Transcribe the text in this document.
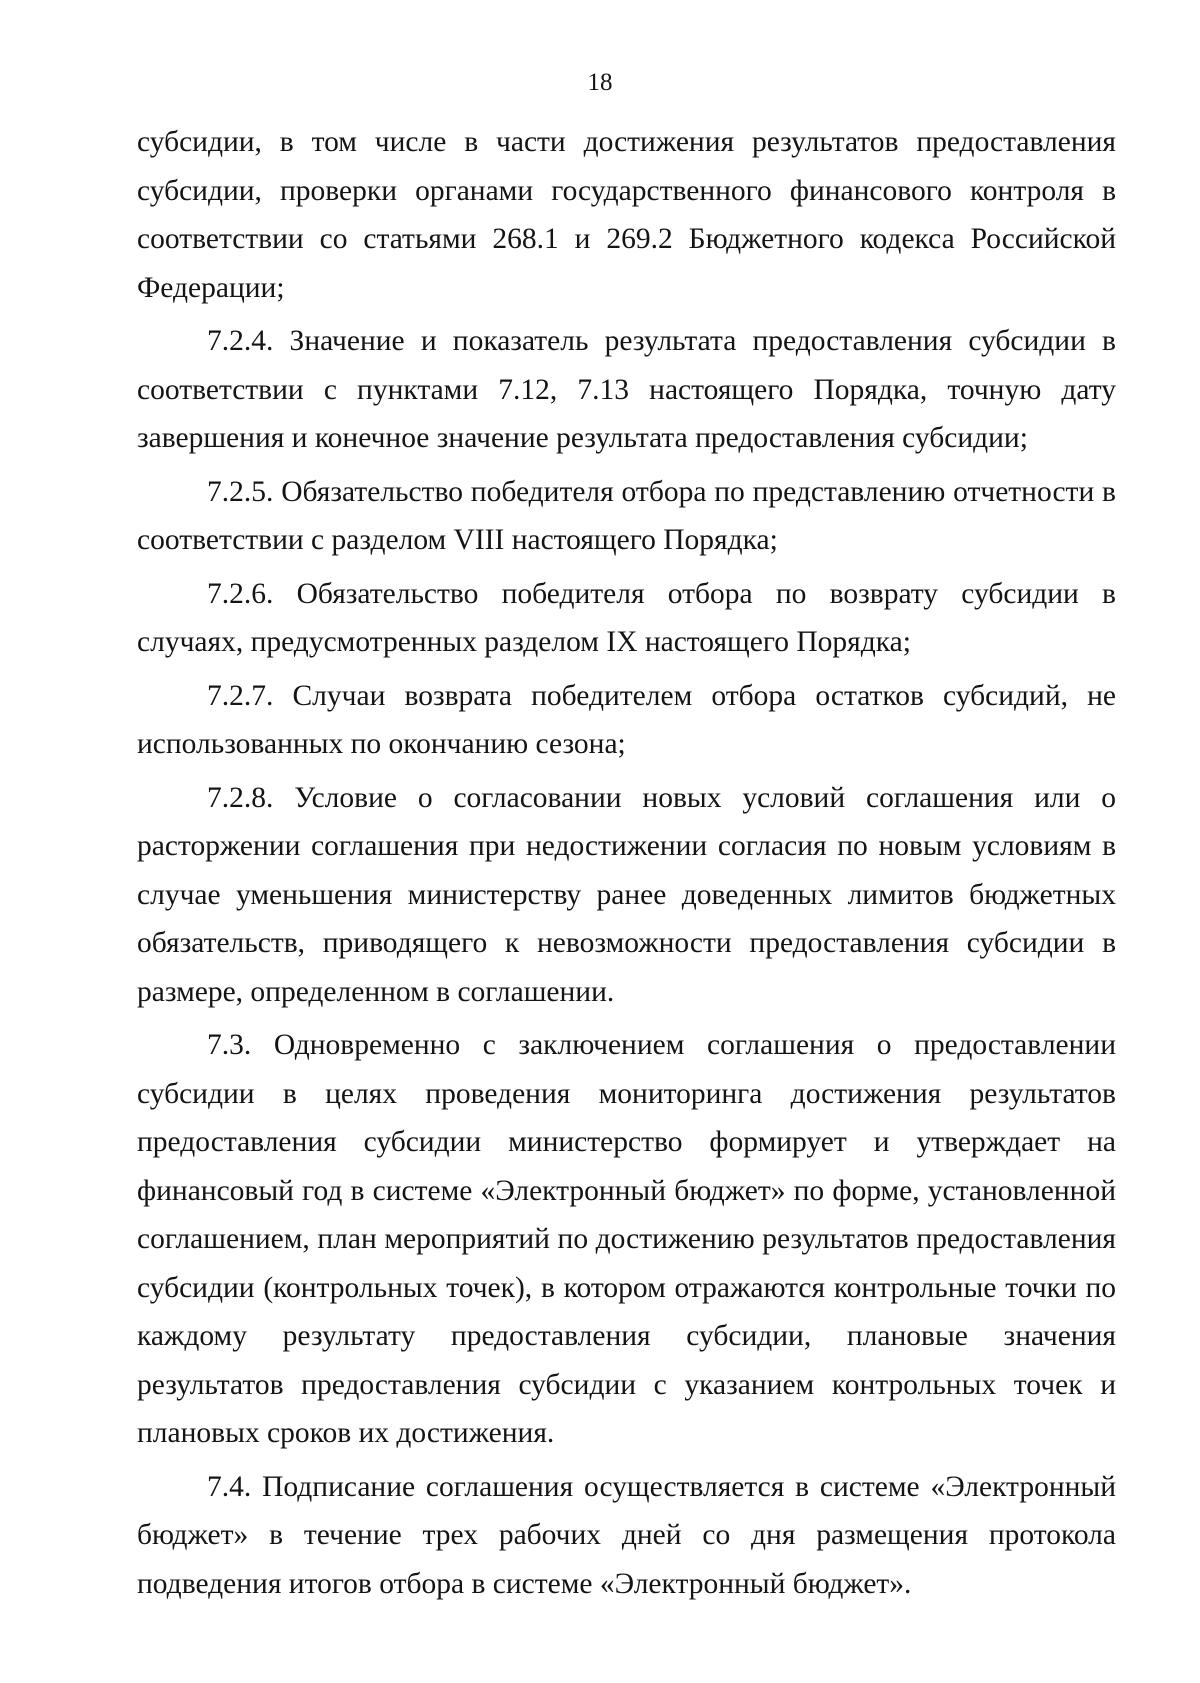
18

субсидии, в том числе в части достижения результатов предоставления субсидии, проверки органами государственного финансового контроля в соответствии со статьями 268.1 и 269.2 Бюджетного кодекса Российской Федерации;

7.2.4. Значение и показатель результата предоставления субсидии в соответствии с пунктами 7.12, 7.13 настоящего Порядка, точную дату завершения и конечное значение результата предоставления субсидии;

7.2.5. Обязательство победителя отбора по представлению отчетности в соответствии с разделом VIII настоящего Порядка;

7.2.6. Обязательство победителя отбора по возврату субсидии в случаях, предусмотренных разделом IX настоящего Порядка;

7.2.7. Случаи возврата победителем отбора остатков субсидий, не использованных по окончанию сезона;

7.2.8. Условие о согласовании новых условий соглашения или о расторжении соглашения при недостижении согласия по новым условиям в случае уменьшения министерству ранее доведенных лимитов бюджетных обязательств, приводящего к невозможности предоставления субсидии в размере, определенном в соглашении.

7.3. Одновременно с заключением соглашения о предоставлении субсидии в целях проведения мониторинга достижения результатов предоставления субсидии министерство формирует и утверждает на финансовый год в системе «Электронный бюджет» по форме, установленной соглашением, план мероприятий по достижению результатов предоставления субсидии (контрольных точек), в котором отражаются контрольные точки по каждому результату предоставления субсидии, плановые значения результатов предоставления субсидии с указанием контрольных точек и плановых сроков их достижения.

7.4. Подписание соглашения осуществляется в системе «Электронный бюджет» в течение трех рабочих дней со дня размещения протокола подведения итогов отбора в системе «Электронный бюджет».
